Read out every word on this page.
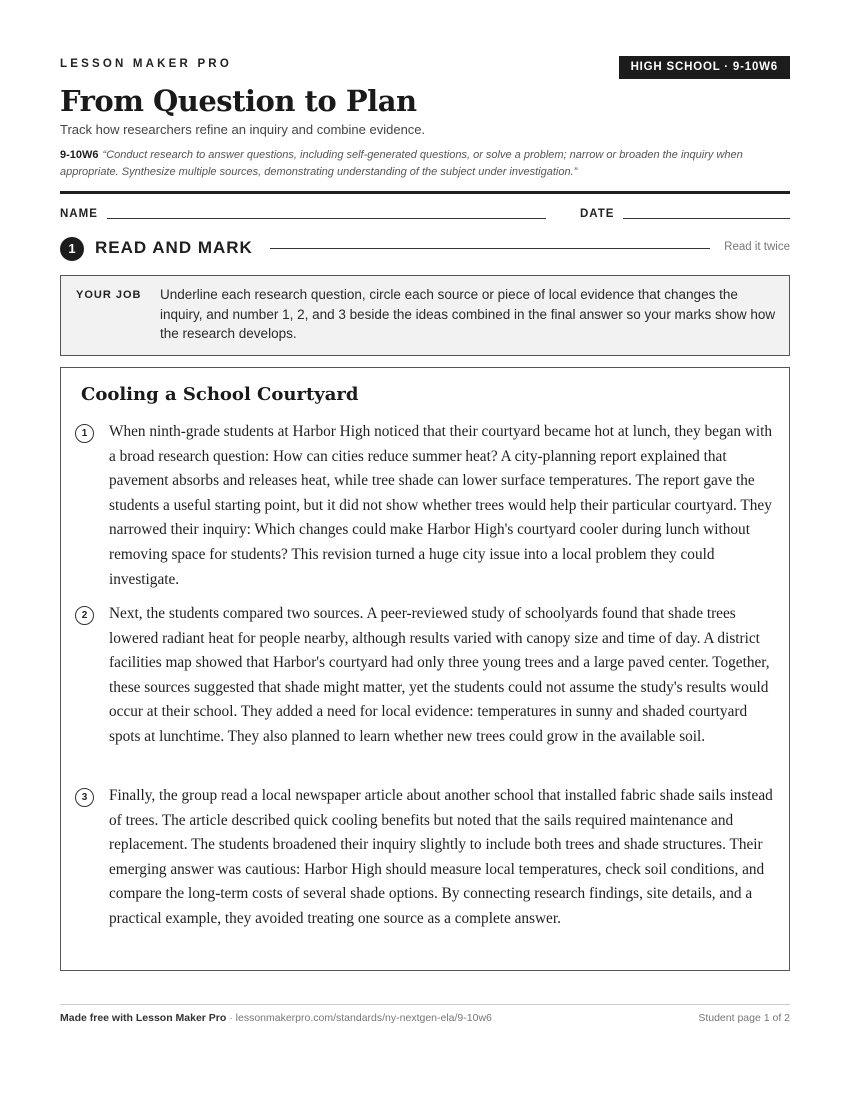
LESSON MAKER PRO	HIGH SCHOOL · 9-10W6
From Question to Plan
Track how researchers refine an inquiry and combine evidence.
9-10W6 “Conduct research to answer questions, including self-generated questions, or solve a problem; narrow or broaden the inquiry when appropriate. Synthesize multiple sources, demonstrating understanding of the subject under investigation.”
NAME	DATE
1	READ AND MARK	Read it twice
YOUR JOB Underline each research question, circle each source or piece of local evidence that changes the inquiry, and number 1, 2, and 3 beside the ideas combined in the final answer so your marks show how the research develops.
Cooling a School Courtyard
1	When ninth-grade students at Harbor High noticed that their courtyard became hot at lunch, they began with a broad research question: How can cities reduce summer heat? A city-planning report explained that pavement absorbs and releases heat, while tree shade can lower surface temperatures. The report gave the students a useful starting point, but it did not show whether trees would help their particular courtyard. They narrowed their inquiry: Which changes could make Harbor High's courtyard cooler during lunch without removing space for students? This revision turned a huge city issue into a local problem they could investigate.
2	Next, the students compared two sources. A peer-reviewed study of schoolyards found that shade trees lowered radiant heat for people nearby, although results varied with canopy size and time of day. A district facilities map showed that Harbor's courtyard had only three young trees and a large paved center. Together, these sources suggested that shade might matter, yet the students could not assume the study's results would occur at their school. They added a need for local evidence: temperatures in sunny and shaded courtyard spots at lunchtime. They also planned to learn whether new trees could grow in the available soil.
3	Finally, the group read a local newspaper article about another school that installed fabric shade sails instead of trees. The article described quick cooling benefits but noted that the sails required maintenance and replacement. The students broadened their inquiry slightly to include both trees and shade structures. Their emerging answer was cautious: Harbor High should measure local temperatures, check soil conditions, and compare the long-term costs of several shade options. By connecting research findings, site details, and a practical example, they avoided treating one source as a complete answer.
Made free with Lesson Maker Pro · lessonmakerpro.com/standards/ny-nextgen-ela/9-10w6	Student page 1 of 2
